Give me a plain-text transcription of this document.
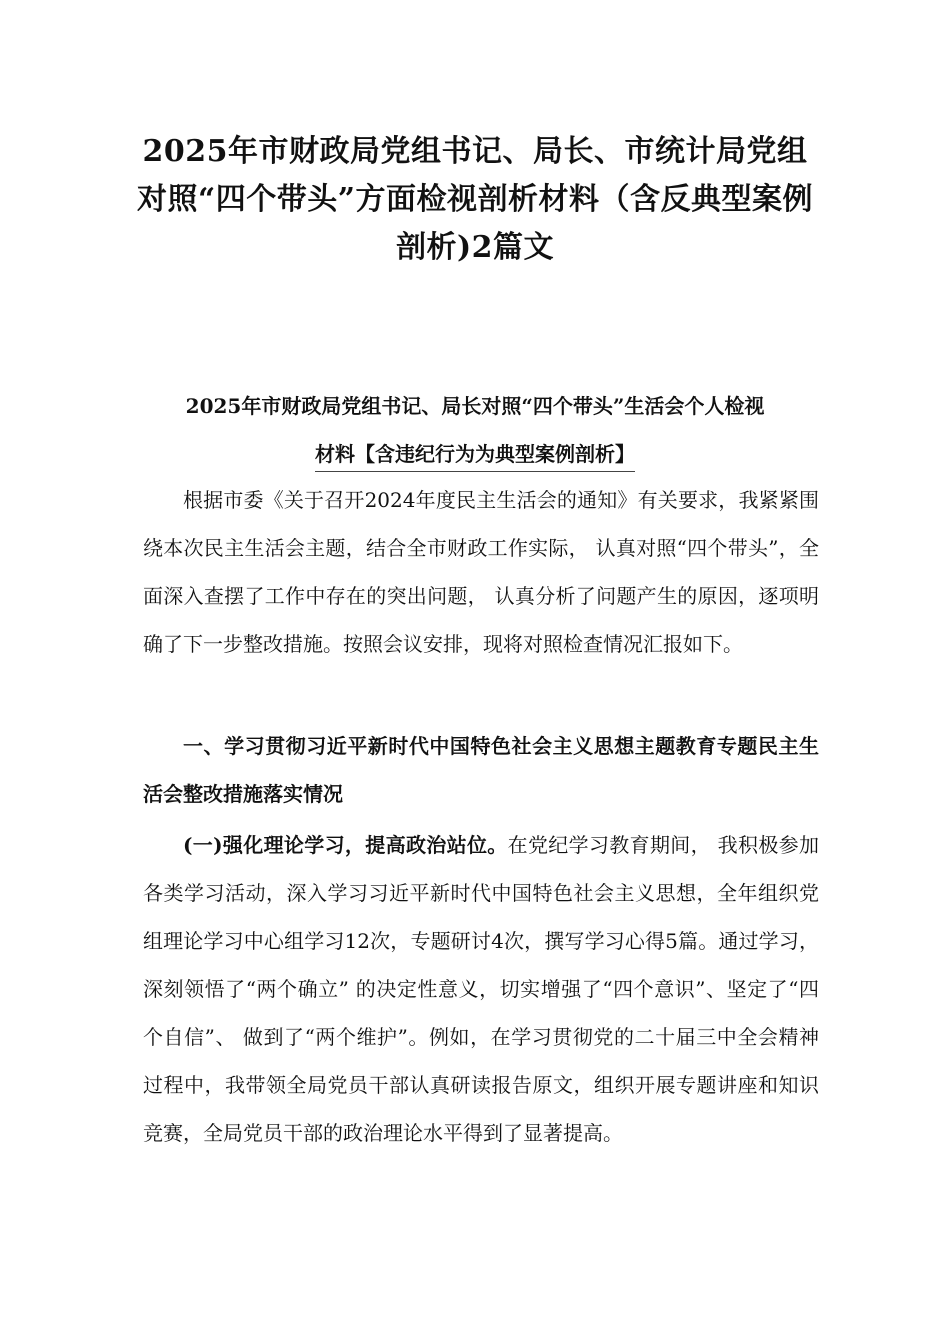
2025年市财政局党组书记、局长、市统计局党组对照“四个带头”方面检视剖析材料（含反典型案例剖析)2篇文
2025年市财政局党组书记、局长对照“四个带头”生活会个人检视
材料【含违纪行为为典型案例剖析】

根据市委《关于召开2024年度民主生活会的通知》有关要求，我紧紧围绕本次民主生活会主题，结合全市财政工作实际， 认真对照“四个带头”，全面深入查摆了工作中存在的突出问题， 认真分析了问题产生的原因，逐项明确了下一步整改措施。按照会议安排，现将对照检查情况汇报如下。

一、学习贯彻习近平新时代中国特色社会主义思想主题教育专题民主生活会整改措施落实情况

(一)强化理论学习，提高政治站位。在党纪学习教育期间， 我积极参加各类学习活动，深入学习习近平新时代中国特色社会主义思想，全年组织党组理论学习中心组学习12次，专题研讨4次，撰写学习心得5篇。通过学习，深刻领悟了“两个确立” 的决定性意义，切实增强了“四个意识”、坚定了“四个自信”、 做到了“两个维护”。例如，在学习贯彻党的二十届三中全会精神过程中，我带领全局党员干部认真研读报告原文，组织开展专题讲座和知识竞赛，全局党员干部的政治理论水平得到了显著提高。
